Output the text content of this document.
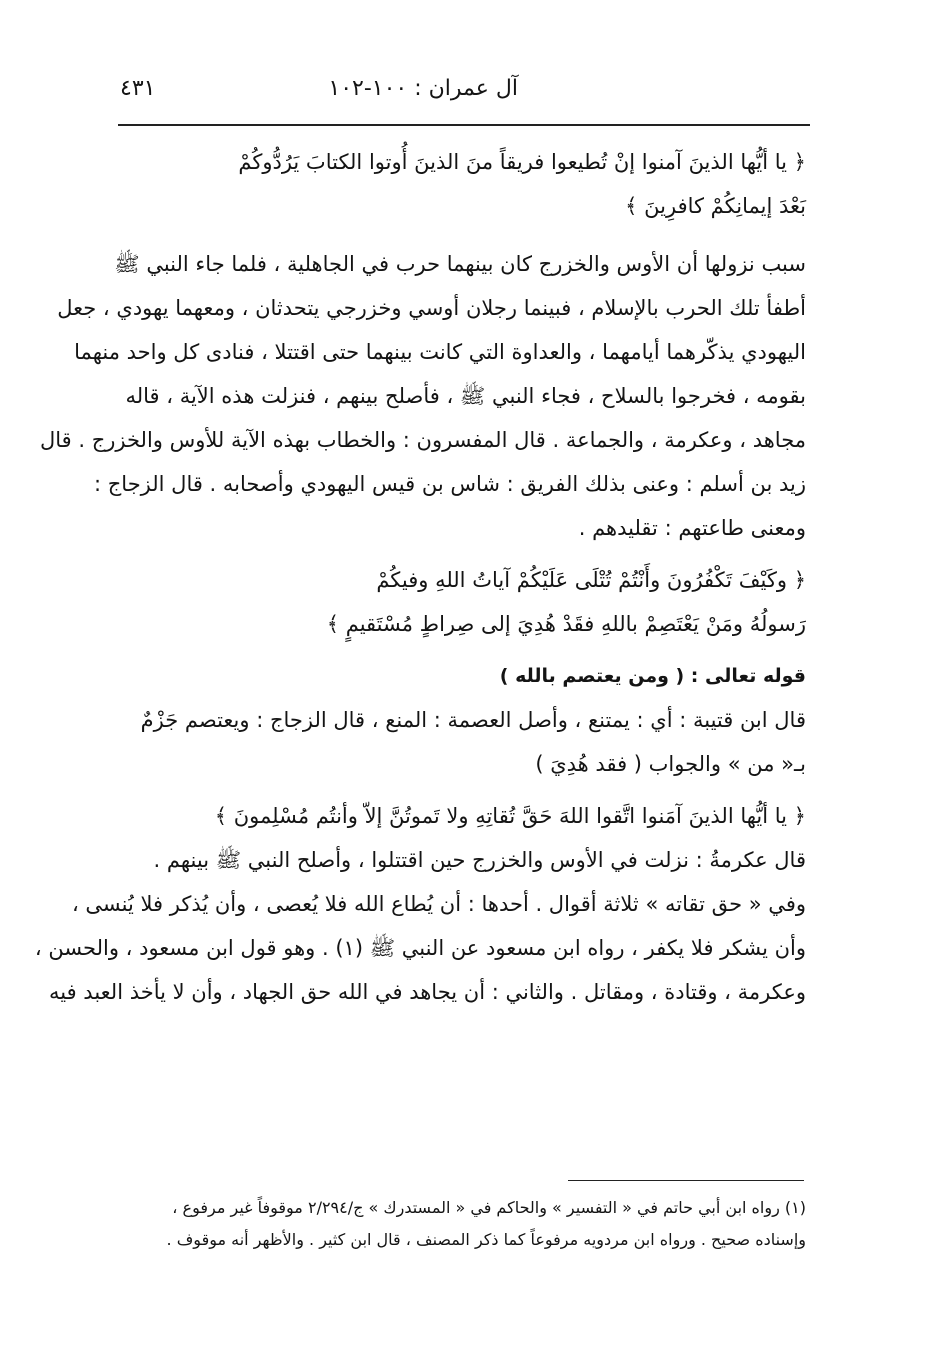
آل عمران : ١٠٠-١٠٢
٤٣١
﴿ يا أيُّها الذينَ آمنوا إنْ تُطيعوا فريقاً منَ الذينَ أُوتوا الكتابَ يَرُدُّوكُمْ
بَعْدَ إيمانِكُمْ كافرِينَ ﴾
سبب نزولها أن الأوس والخزرج كان بينهما حرب في الجاهلية ، فلما جاء النبي ﷺ
أطفأ تلك الحرب بالإسلام ، فبينما رجلان أوسي وخزرجي يتحدثان ، ومعهما يهودي ، جعل
اليهودي يذكّرهما أيامهما ، والعداوة التي كانت بينهما حتى اقتتلا ، فنادى كل واحد منهما
بقومه ، فخرجوا بالسلاح ، فجاء النبي ﷺ ، فأصلح بينهم ، فنزلت هذه الآية ، قاله
مجاهد ، وعكرمة ، والجماعة . قال المفسرون : والخطاب بهذه الآية للأوس والخزرج . قال
زيد بن أسلم : وعنى بذلك الفريق : شاس بن قيس اليهودي وأصحابه . قال الزجاج :
ومعنى طاعتهم : تقليدهم .
﴿ وكَيْفَ تَكْفُرُونَ وأَنْتُمْ تُتْلَى عَلَيْكُمْ آياتُ اللهِ وفيكُمْ
رَسولُهُ ومَنْ يَعْتَصِمْ باللهِ فقَدْ هُدِيَ إلى صِراطٍ مُسْتَقيمٍ ﴾
قوله تعالى : ( ومن يعتصم بالله )
قال ابن قتيبة : أي : يمتنع ، وأصل العصمة : المنع ، قال الزجاج : ويعتصم جَزْمٌ
بـ« من » والجواب ( فقد هُدِيَ )
﴿ يا أيُّها الذينَ آمَنوا اتَّقوا اللهَ حَقَّ تُقاتِهِ ولا تَموتُنَّ إلاّ وأنتُم مُسْلِمونَ ﴾
قال عكرمةُ : نزلت في الأوس والخزرج حين اقتتلوا ، وأصلح النبي ﷺ بينهم .
وفي « حق تقاته » ثلاثة أقوال . أحدها : أن يُطاع الله فلا يُعصى ، وأن يُذكر فلا يُنسى ،
وأن يشكر فلا يكفر ، رواه ابن مسعود عن النبي ﷺ (١) . وهو قول ابن مسعود ، والحسن ،
وعكرمة ، وقتادة ، ومقاتل . والثاني : أن يجاهد في الله حق الجهاد ، وأن لا يأخذ العبد فيه
(١) رواه ابن أبي حاتم في « التفسير » والحاكم في « المستدرك » ج/٢/٢٩٤ موقوفاً غير مرفوع ،
وإسناده صحيح . ورواه ابن مردويه مرفوعاً كما ذكر المصنف ، قال ابن كثير . والأظهر أنه موقوف .
